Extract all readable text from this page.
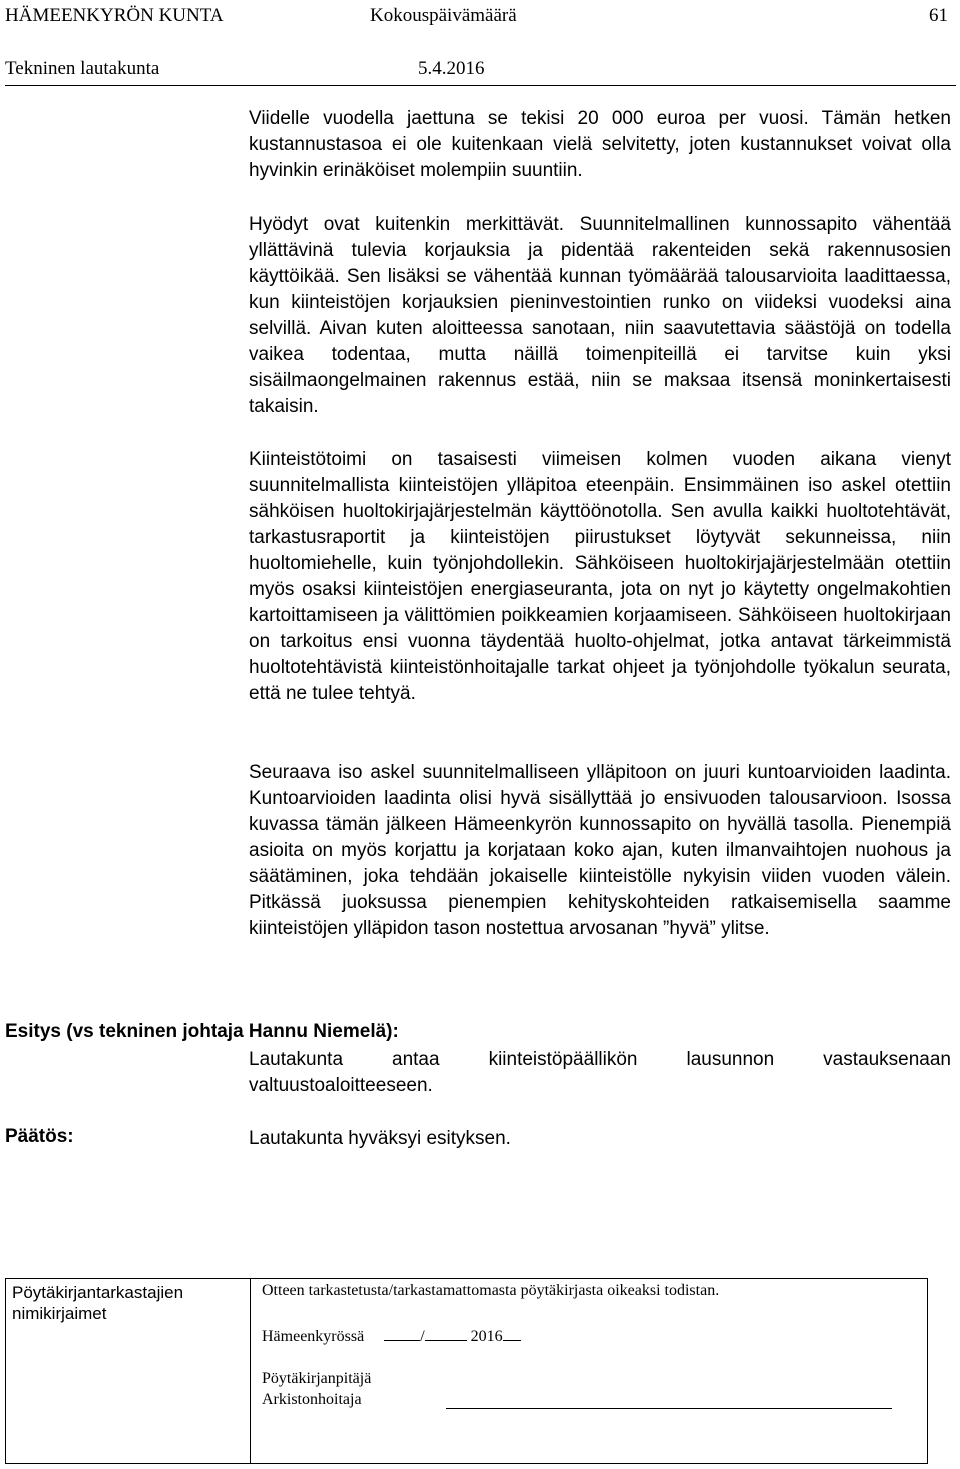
HÄMEENKYRÖN KUNTA	Kokouspäivämäärä	61
Tekninen lautakunta	5.4.2016

Viidelle vuodella jaettuna se tekisi 20 000 euroa per vuosi. Tämän hetken kustannustasoa ei ole kuitenkaan vielä selvitetty, joten kustannukset voivat olla hyvinkin erinäköiset molempiin suuntiin.

Hyödyt ovat kuitenkin merkittävät. Suunnitelmallinen kunnossapito vähentää yllättävinä tulevia korjauksia ja pidentää rakenteiden sekä rakennusosien käyttöikää. Sen lisäksi se vähentää kunnan työmäärää talousarvioita laadittaessa, kun kiinteistöjen korjauksien pieninvestointien runko on viideksi vuodeksi aina selvillä. Aivan kuten aloitteessa sanotaan, niin saavutettavia säästöjä on todella vaikea todentaa, mutta näillä toimenpiteillä ei tarvitse kuin yksi sisäilmaongelmainen rakennus estää, niin se maksaa itsensä moninkertaisesti takaisin.

Kiinteistötoimi on tasaisesti viimeisen kolmen vuoden aikana vienyt suunnitelmallista kiinteistöjen ylläpitoa eteenpäin. Ensimmäinen iso askel otettiin sähköisen huoltokirjajärjestelmän käyttöönotolla. Sen avulla kaikki huoltotehtävät, tarkastusraportit ja kiinteistöjen piirustukset löytyvät sekunneissa, niin huoltomiehelle, kuin työnjohdollekin. Sähköiseen huoltokirjajärjestelmään otettiin myös osaksi kiinteistöjen energiaseuranta, jota on nyt jo käytetty ongelmakohtien kartoittamiseen ja välittömien poikkeamien korjaamiseen. Sähköiseen huoltokirjaan on tarkoitus ensi vuonna täydentää huolto-ohjelmat, jotka antavat tärkeimmistä huoltotehtävistä kiinteistönhoitajalle tarkat ohjeet ja työnjohdolle työkalun seurata, että ne tulee tehtyä.

Seuraava iso askel suunnitelmalliseen ylläpitoon on juuri kuntoarvioiden laadinta. Kuntoarvioiden laadinta olisi hyvä sisällyttää jo ensivuoden talousarvioon. Isossa kuvassa tämän jälkeen Hämeenkyrön kunnossapito on hyvällä tasolla. Pienempiä asioita on myös korjattu ja korjataan koko ajan, kuten ilmanvaihtojen nuohous ja säätäminen, joka tehdään jokaiselle kiinteistölle nykyisin viiden vuoden välein. Pitkässä juoksussa pienempien kehityskohteiden ratkaisemisella saamme kiinteistöjen ylläpidon tason nostettua arvosanan ”hyvä” ylitse.

Esitys (vs tekninen johtaja Hannu Niemelä):

Lautakunta antaa kiinteistöpäällikön lausunnon vastauksenaan valtuustoaloitteeseen.

Päätös:	Lautakunta hyväksyi esityksen.

Pöytäkirjantarkastajien nimikirjaimet
Otteen tarkastetusta/tarkastamattomasta pöytäkirjasta oikeaksi todistan.
Hämeenkyrössä	/	2016
Pöytäkirjanpitäjä
Arkistonhoitaja
